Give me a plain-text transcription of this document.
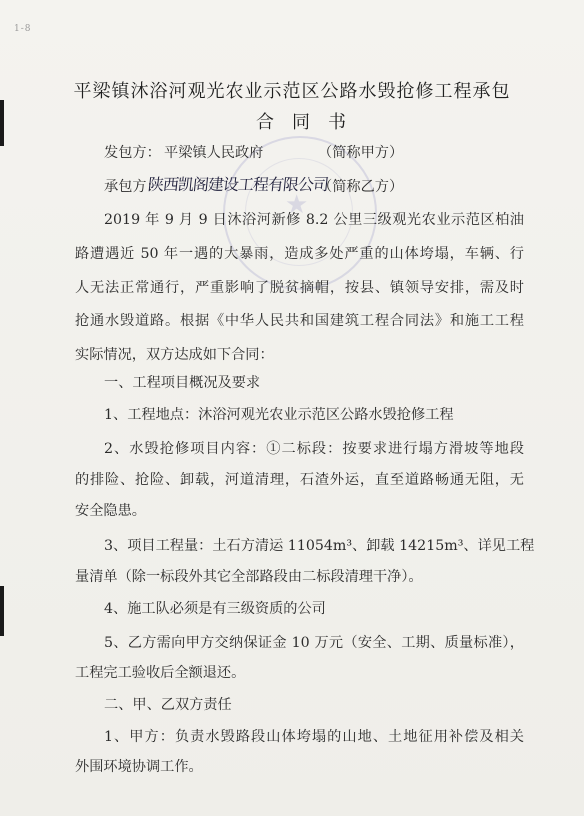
1-8
★
平梁镇沐浴河观光农业示范区公路水毁抢修工程承包
合同书
发包方： 平梁镇人民政府	（简称甲方）
承包方：
陕西凯阁建设工程有限公司
（简称乙方）
2019 年 9 月 9 日沐浴河新修 8.2 公里三级观光农业示范区柏油
路遭遇近 50 年一遇的大暴雨，造成多处严重的山体垮塌，车辆、行
人无法正常通行，严重影响了脱贫摘帽，按县、镇领导安排，需及时
抢通水毁道路。根据《中华人民共和国建筑工程合同法》和施工工程
实际情况，双方达成如下合同：
一、工程项目概况及要求
1、工程地点：沐浴河观光农业示范区公路水毁抢修工程
2、水毁抢修项目内容：①二标段：按要求进行塌方滑坡等地段
的排险、抢险、卸载，河道清理，石渣外运，直至道路畅通无阻，无
安全隐患。
3、项目工程量：土石方清运 11054m³、卸载 14215m³、详见工程
量清单（除一标段外其它全部路段由二标段清理干净）。
4、施工队必须是有三级资质的公司
5、乙方需向甲方交纳保证金 10 万元（安全、工期、质量标准），
工程完工验收后全额退还。
二、甲、乙双方责任
1、甲方：负责水毁路段山体垮塌的山地、土地征用补偿及相关
外围环境协调工作。
